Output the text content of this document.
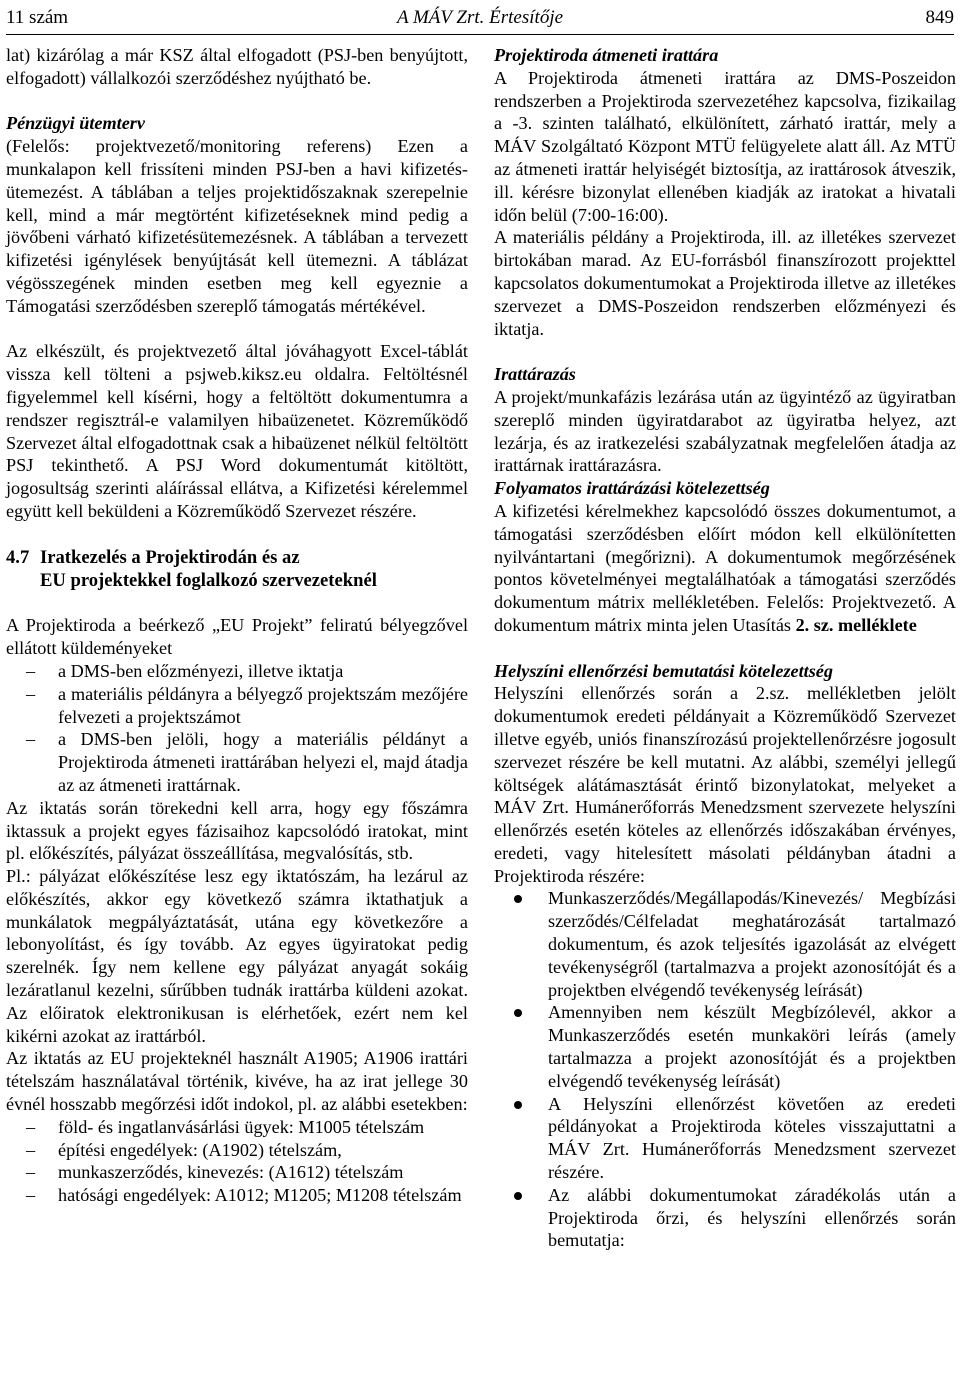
A MÁV Zrt. Értesítője
11 szám	849

lat) kizárólag a már KSZ által elfogadott (PSJ-ben benyújtott, elfogadott) vállalkozói szerződéshez nyújtható be.

Pénzügyi ütemterv

(Felelős: projektvezető/monitoring referens) Ezen a munkalapon kell frissíteni minden PSJ-ben a havi kifizetés-ütemezést. A táblában a teljes projektidőszaknak szerepelnie kell, mind a már megtörtént kifizetéseknek mind pedig a jövőbeni várható kifizetésütemezésnek. A táblában a tervezett kifizetési igénylések benyújtását kell ütemezni. A táblázat végösszegének minden esetben meg kell egyeznie a Támogatási szerződésben szereplő támogatás mértékével.

Az elkészült, és projektvezető által jóváhagyott Excel-táblát vissza kell tölteni a psjweb.kiksz.eu oldalra. Feltöltésnél figyelemmel kell kísérni, hogy a feltöltött dokumentumra a rendszer regisztrál-e valamilyen hibaüzenetet. Közreműködő Szervezet által elfogadottnak csak a hibaüzenet nélkül feltöltött PSJ tekinthető. A PSJ Word dokumentumát kitöltött, jogosultság szerinti aláírással ellátva, a Kifizetési kérelemmel együtt kell beküldeni a Közreműködő Szervezet részére.

4.7 Iratkezelés a Projektirodán és az
EU projektekkel foglalkozó szervezeteknél

A Projektiroda a beérkező „EU Projekt” feliratú bélyegzővel ellátott küldeményeket

– a DMS-ben előzményezi, illetve iktatja
– a materiális példányra a bélyegző projektszám mezőjére felvezeti a projektszámot
– a DMS-ben jelöli, hogy a materiális példányt a Projektiroda átmeneti irattárában helyezi el, majd átadja az az átmeneti irattárnak.

Az iktatás során törekedni kell arra, hogy egy főszámra iktassuk a projekt egyes fázisaihoz kapcsolódó iratokat, mint pl. előkészítés, pályázat összeállítása, megvalósítás, stb.

Pl.: pályázat előkészítése lesz egy iktatószám, ha lezárul az előkészítés, akkor egy következő számra iktathatjuk a munkálatok megpályáztatását, utána egy következőre a lebonyolítást, és így tovább. Az egyes ügyiratokat pedig szerelnék. Így nem kellene egy pályázat anyagát sokáig lezáratlanul kezelni, sűrűbben tudnák irattárba küldeni azokat. Az előiratok elektronikusan is elérhetőek, ezért nem kel kikérni azokat az irattárból.

Az iktatás az EU projekteknél használt A1905; A1906 irattári tételszám használatával történik, kivéve, ha az irat jellege 30 évnél hosszabb megőrzési időt indokol, pl. az alábbi esetekben:

– föld- és ingatlanvásárlási ügyek: M1005 tételszám
– építési engedélyek: (A1902) tételszám,
– munkaszerződés, kinevezés: (A1612) tételszám
– hatósági engedélyek: A1012; M1205; M1208 tételszám

Projektiroda átmeneti irattára

A Projektiroda átmeneti irattára az DMS-Poszeidon rendszerben a Projektiroda szervezetéhez kapcsolva, fizikailag a -3. szinten található, elkülönített, zárható irattár, mely a MÁV Szolgáltató Központ MTÜ felügyelete alatt áll. Az MTÜ az átmeneti irattár helyiségét biztosítja, az irattárosok átveszik, ill. kérésre bizonylat ellenében kiadják az iratokat a hivatali időn belül (7:00-16:00).

A materiális példány a Projektiroda, ill. az illetékes szervezet birtokában marad. Az EU-forrásból finanszírozott projekttel kapcsolatos dokumentumokat a Projektiroda illetve az illetékes szervezet a DMS-Poszeidon rendszerben előzményezi és iktatja.

Irattárazás

A projekt/munkafázis lezárása után az ügyintéző az ügyiratban szereplő minden ügyiratdarabot az ügyiratba helyez, azt lezárja, és az iratkezelési szabályzatnak megfelelően átadja az irattárnak irattárazásra.

Folyamatos irattárázási kötelezettség

A kifizetési kérelmekhez kapcsolódó összes dokumentumot, a támogatási szerződésben előírt módon kell elkülönítetten nyilvántartani (megőrizni). A dokumentumok megőrzésének pontos követelményei megtalálhatóak a támogatási szerződés dokumentum mátrix mellékletében. Felelős: Projektvezető. A dokumentum mátrix minta jelen Utasítás 2. sz. melléklete

Helyszíni ellenőrzési bemutatási kötelezettség

Helyszíni ellenőrzés során a 2.sz. mellékletben jelölt dokumentumok eredeti példányait a Közreműködő Szervezet illetve egyéb, uniós finanszírozású projektellenőrzésre jogosult szervezet részére be kell mutatni. Az alábbi, személyi jellegű költségek alátámasztását érintő bizonylatokat, melyeket a MÁV Zrt. Humánerőforrás Menedzsment szervezete helyszíni ellenőrzés esetén köteles az ellenőrzés időszakában érvényes, eredeti, vagy hitelesített másolati példányban átadni a Projektiroda részére:

Munkaszerződés/Megállapodás/Kinevezés/ Megbízási szerződés/Célfeladat meghatározását tartalmazó dokumentum, és azok teljesítés igazolását az elvégett tevékenységről (tartalmazva a projekt azonosítóját és a projektben elvégendő tevékenység leírását)
Amennyiben nem készült Megbízólevél, akkor a Munkaszerződés esetén munkaköri leírás (amely tartalmazza a projekt azonosítóját és a projektben elvégendő tevékenység leírását)
A Helyszíni ellenőrzést követően az eredeti példányokat a Projektiroda köteles visszajuttatni a MÁV Zrt. Humánerőforrás Menedzsment szervezet részére.
Az alábbi dokumentumokat záradékolás után a Projektiroda őrzi, és helyszíni ellenőrzés során bemutatja:
